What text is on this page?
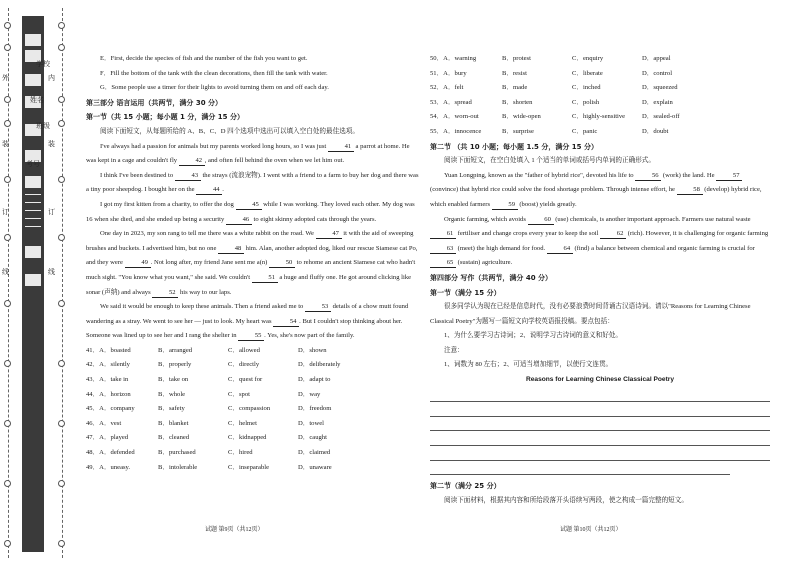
外
装
订
线
内
装
订
线
学校
姓名
班级
考号

E．First, decide the species of fish and the number of the fish you want to get.

F．Fill the bottom of the tank with the clean decorations, then fill the tank with water.

G．Some people use a timer for their lights to avoid turning them on and off each day.

第三部分 语言运用（共两节，满分 30 分）

第一节（共 15 小题；每小题 1 分，满分 15 分）

阅读下面短文，从每题所给的 A、B、C、D 四个选项中选出可以填入空白处的最佳选项。

I've always had a passion for animals but my parents worked long hours, so I was just	41 a parrot at home. He was kept in a cage and couldn't fly	42 , and often fell behind the oven when we let him out.

I think I've been destined to	43 the strays (流浪宠物). I went with a friend to a farm to buy her dog and there was a tiny poor sheepdog. I bought her on the	44 .

I got my first kitten from a charity, to offer the dog	45 while I was working. They loved each other. My dog was 16 when she died, and she ended up being a security	46 to eight skinny adopted cats through the years.

One day in 2023, my son rang to tell me there was a white rabbit on the road. We	47 it with the aid of sweeping brushes and buckets. I advertised him, but no one	48 him. Alan, another adopted dog, liked our rescue Siamese cat Po, and they were	49 . Not long after, my friend Jane sent me a(n)	50 to rehome an ancient Siamese cat who hadn't much sight. "You know what you want," she said. We couldn't	51 a huge and fluffy one. He got around clicking like sonar (声纳) and always	52 his way to our laps.

We said it would be enough to keep these animals. Then a friend asked me to	53 details of a chow mutt found wandering as a stray. We went to see her — just to look. My heart was	54 . But I couldn't stop thinking about her. Someone was lined up to see her and I rang the shelter in	55 . Yes, she's now part of the family.

41．A．boasted	B．arranged	C．allowed	D．shown
42．A．silently	B．properly	C．directly	D．deliberately
43．A．take in	B．take on	C．quest for	D．adapt to
44．A．horizon	B．whole	C．spot	D．way
45．A．company	B．safety	C．compassion	D．freedom
46．A．vest	B．blanket	C．helmet	D．towel
47．A．played	B．cleaned	C．kidnapped	D．caught
48．A．defended	B．purchased	C．hired	D．claimed
49．A．uneasy.	B．intolerable	C．inseparable	D．unaware
试题 第9页（共12页）
50．A．warning	B．protest	C．enquiry	D．appeal
51．A．bury	B．resist	C．liberate	D．control
52．A．felt	B．made	C．inched	D．squeezed
53．A．spread	B．shorten	C．polish	D．explain
54．A．worn-out	B．wide-open	C．highly-sensitive	D．sealed-off
55．A．innocence	B．surprise	C．panic	D．doubt

第二节 （共 10 小题；每小题 1.5 分，满分 15 分）

阅读下面短文，在空白处填入 1 个适当的单词或括号内单词的正确形式。

Yuan Longping, known as the "father of hybrid rice", devoted his life to	56 (work) the land. He	57 (convince) that hybrid rice could solve the food shortage problem. Through intense effort, he	58 (develop) hybrid rice, which enabled farmers	59 (boost) yields greatly.

Organic farming, which avoids	60 (use) chemicals, is another important approach. Farmers use natural waste 61 fertiliser and change crops every year to keep the soil	62 (rich). However, it is challenging for organic farming 63 (meet) the high demand for food.	64 (find) a balance between chemical and organic farming is crucial for 65 (sustain) agriculture.

第四部分 写作（共两节，满分 40 分）

第一节（满分 15 分）

很多同学认为现在已经是信息时代，没有必要浪费时间背诵古汉语诗词。请以"Reasons for Learning Chinese Classical Poetry"为题写一篇短文向学校英语报投稿。要点包括：

1、为什么要学习古诗词；2、说明学习古诗词的意义和好处。

注意：

1、词数为 80 左右；2、可适当增加细节，以使行文连贯。

Reasons for Learning Chinese Classical Poetry

第二节（满分 25 分）

阅读下面材料，根据其内容和所给段落开头语续写两段，使之构成一篇完整的短文。

试题 第10页（共12页）
